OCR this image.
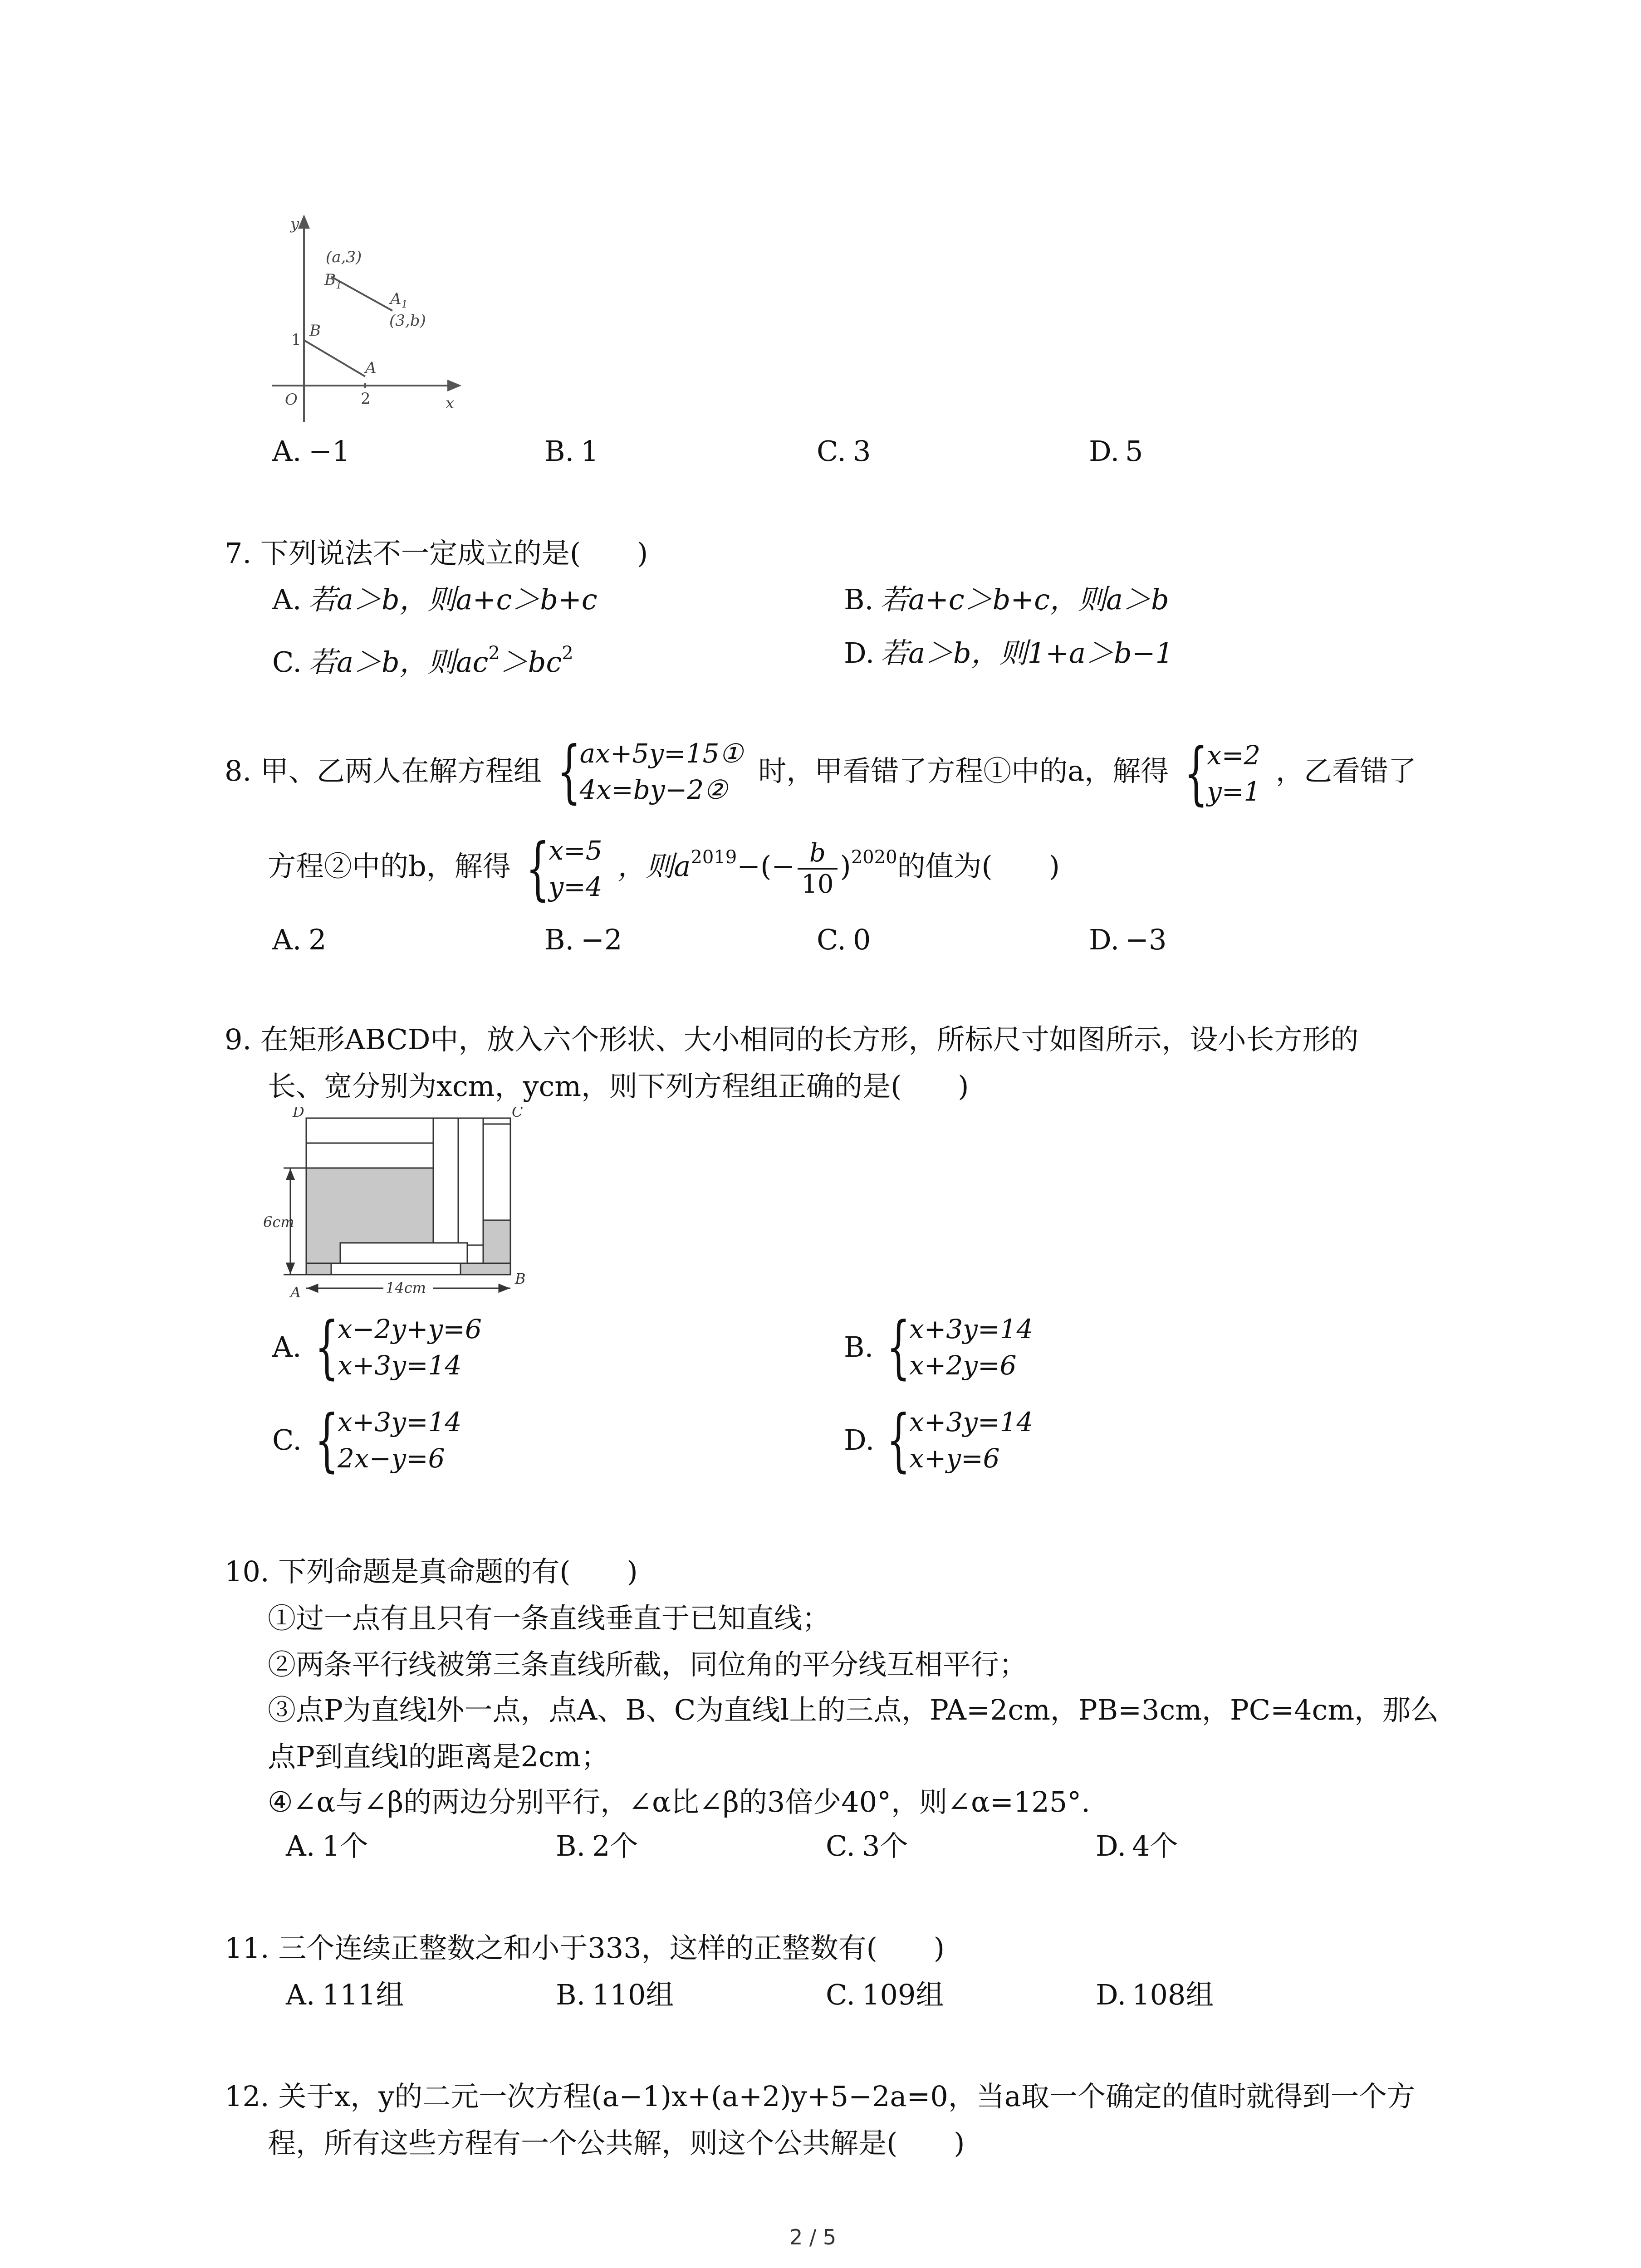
y
x
O
(a,3)
$B_1$
$A_1$
(3,b)
B
A
1
2
A. −1	B. 1	C. 3	D. 5
7. 下列说法不一定成立的是(　　)
A. 若a＞b，则a+c＞b+c	B. 若a+c＞b+c，则a＞b
C. 若a＞b，则$ac^2>bc^2$	D. 若a＞b，则1+a＞b−1
8. 甲、乙两人在解方程组 {
ax+5y=15①
4x=by−2②
时，甲看错了方程①中的a，解得 {
x=2
y=1
，乙看错了
方程②中的b，解得 {
x=5
y=4
，则$a^{2019}-(- \frac{b}{10} )^{2020}$的值为(　　)
A. 2	B. −2	C. 0	D. −3
9. 在矩形ABCD中，放入六个形状、大小相同的长方形，所标尺寸如图所示，设小长方形的
长、宽分别为xcm，ycm，则下列方程组正确的是(　　)
D	C
A
B
6cm
14cm
A. {
x−2y+y=6
x+3y=14
B. {
x+3y=14
x+2y=6
C. {
x+3y=14
2x−y=6
D. {
x+3y=14
x+y=6
10. 下列命题是真命题的有(　　)
①过一点有且只有一条直线垂直于已知直线；
②两条平行线被第三条直线所截，同位角的平分线互相平行；
③点P为直线l外一点，点A、B、C为直线l上的三点，PA=2cm，PB=3cm，PC=4cm，那么
点P到直线l的距离是2cm；
④∠α与∠β的两边分别平行，∠α比∠β的3倍少40°，则∠α=125°.
A. 1个	B. 2个	C. 3个	D. 4个
11. 三个连续正整数之和小于333，这样的正整数有(　　)
A. 111组	B. 110组	C. 109组	D. 108组
12. 关于x，y的二元一次方程(a−1)x+(a+2)y+5−2a=0，当a取一个确定的值时就得到一个方
程，所有这些方程有一个公共解，则这个公共解是(　　)
2 / 5
